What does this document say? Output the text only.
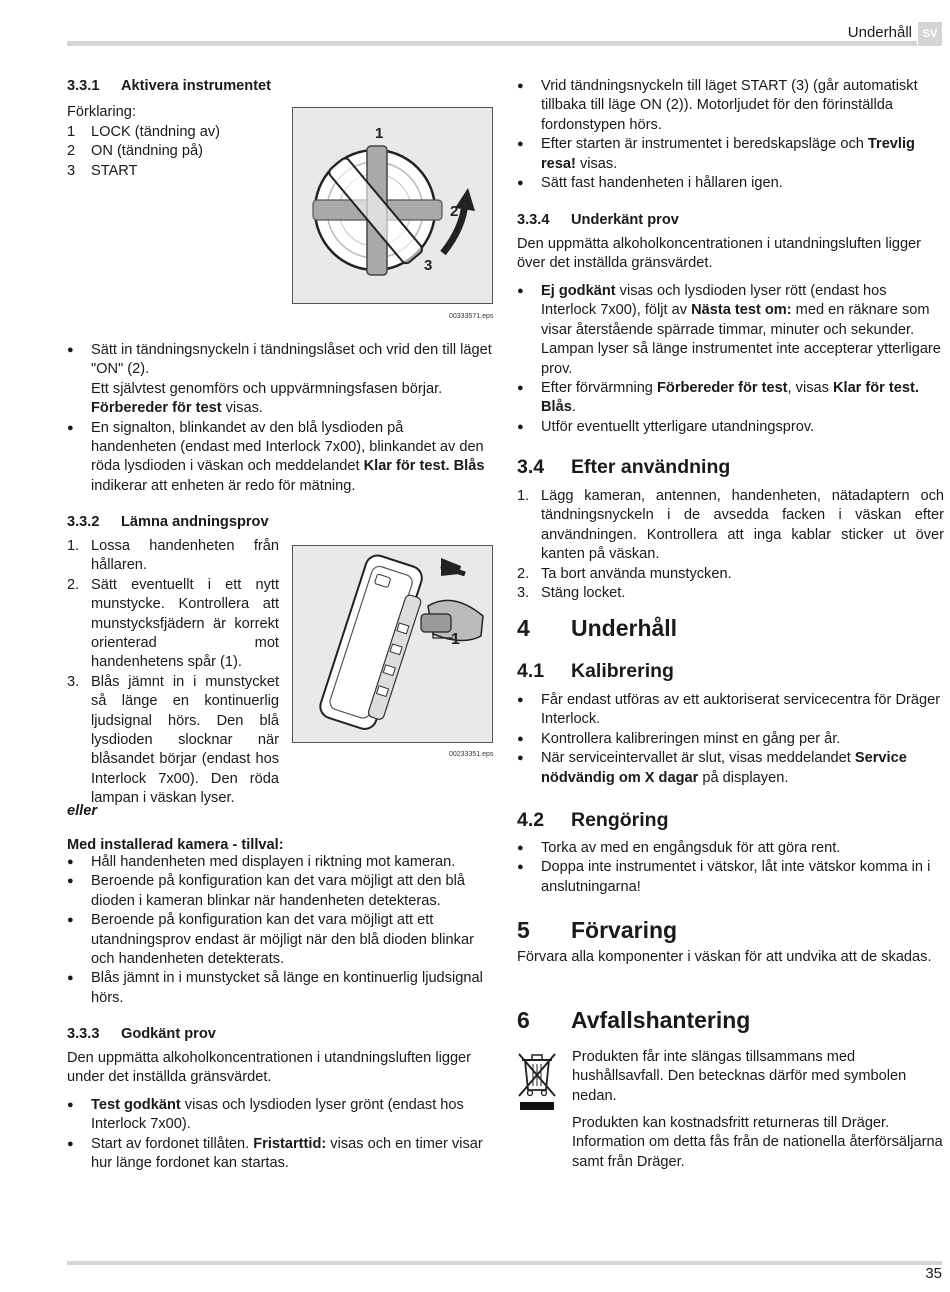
Underhåll SV
3.3.1 Aktivera instrumentet

Förklaring:

1	LOCK (tändning av)
2	ON (tändning på)
3	START
1
2
3
00333571.eps
● Sätt in tändningsnyckeln i tändningslåset och vrid den till läget "ON" (2).
Ett självtest genomförs och uppvärmningsfasen börjar.
Förbereder för test visas.
● En signalton, blinkandet av den blå lysdioden på handenheten (endast med Interlock 7x00), blinkandet av den röda lysdioden i väskan och meddelandet Klar för test. Blås indikerar att enheten är redo för mätning.
3.3.2 Lämna andningsprov
1. Lossa handenheten från hållaren.
2. Sätt eventuellt i ett nytt munstycke. Kontrollera att munstycksfjädern är korrekt orienterad mot handenhetens spår (1).
3. Blås jämnt in i munstycket så länge en kontinuerlig ljudsignal hörs. Den blå lysdioden slocknar när blåsandet börjar (endast hos Interlock 7x00). Den röda lampan i väskan lyser.
1
00233351.eps

eller

Med installerad kamera - tillval:

● Håll handenheten med displayen i riktning mot kameran.
● Beroende på konfiguration kan det vara möjligt att den blå dioden i kameran blinkar när handenheten detekteras.
● Beroende på konfiguration kan det vara möjligt att ett utandningsprov endast är möjligt när den blå dioden blinkar och handenheten detekterats.
● Blås jämnt in i munstycket så länge en kontinuerlig ljudsignal hörs.
3.3.3 Godkänt prov

Den uppmätta alkoholkoncentrationen i utandningsluften ligger under det inställda gränsvärdet.

● Test godkänt visas och lysdioden lyser grönt (endast hos Interlock 7x00).
● Start av fordonet tillåten. Fristarttid: visas och en timer visar hur länge fordonet kan startas.
● Vrid tändningsnyckeln till läget START (3) (går automatiskt tillbaka till läge ON (2)). Motorljudet för den förinställda fordonstypen hörs.
● Efter starten är instrumentet i beredskapsläge och Trevlig resa! visas.
● Sätt fast handenheten i hållaren igen.
3.3.4 Underkänt prov

Den uppmätta alkoholkoncentrationen i utandningsluften ligger över det inställda gränsvärdet.

● Ej godkänt visas och lysdioden lyser rött (endast hos Interlock 7x00), följt av Nästa test om: med en räknare som visar återstående spärrade timmar, minuter och sekunder. Lampan lyser så länge instrumentet inte accepterar ytterligare prov.
● Efter förvärmning Förbereder för test, visas Klar för test. Blås.
● Utför eventuellt ytterligare utandningsprov.
3.4 Efter användning
1. Lägg kameran, antennen, handenheten, nätadaptern och tändningsnyckeln i de avsedda facken i väskan efter användningen. Kontrollera att inga kablar sticker ut över kanten på väskan.
2. Ta bort använda munstycken.
3. Stäng locket.
4 Underhåll
4.1 Kalibrering
● Får endast utföras av ett auktoriserat servicecentra för Dräger Interlock.
● Kontrollera kalibreringen minst en gång per år.
● När serviceintervallet är slut, visas meddelandet Service nödvändig om X dagar på displayen.
4.2 Rengöring
● Torka av med en engångsduk för att göra rent.
● Doppa inte instrumentet i vätskor, låt inte vätskor komma in i anslutningarna!
5 Förvaring

Förvara alla komponenter i väskan för att undvika att de skadas.

6 Avfallshantering

Produkten får inte slängas tillsammans med hushållsavfall. Den betecknas därför med symbolen nedan.

Produkten kan kostnadsfritt returneras till Dräger. Information om detta fås från de nationella återförsäljarna samt från Dräger.

35
